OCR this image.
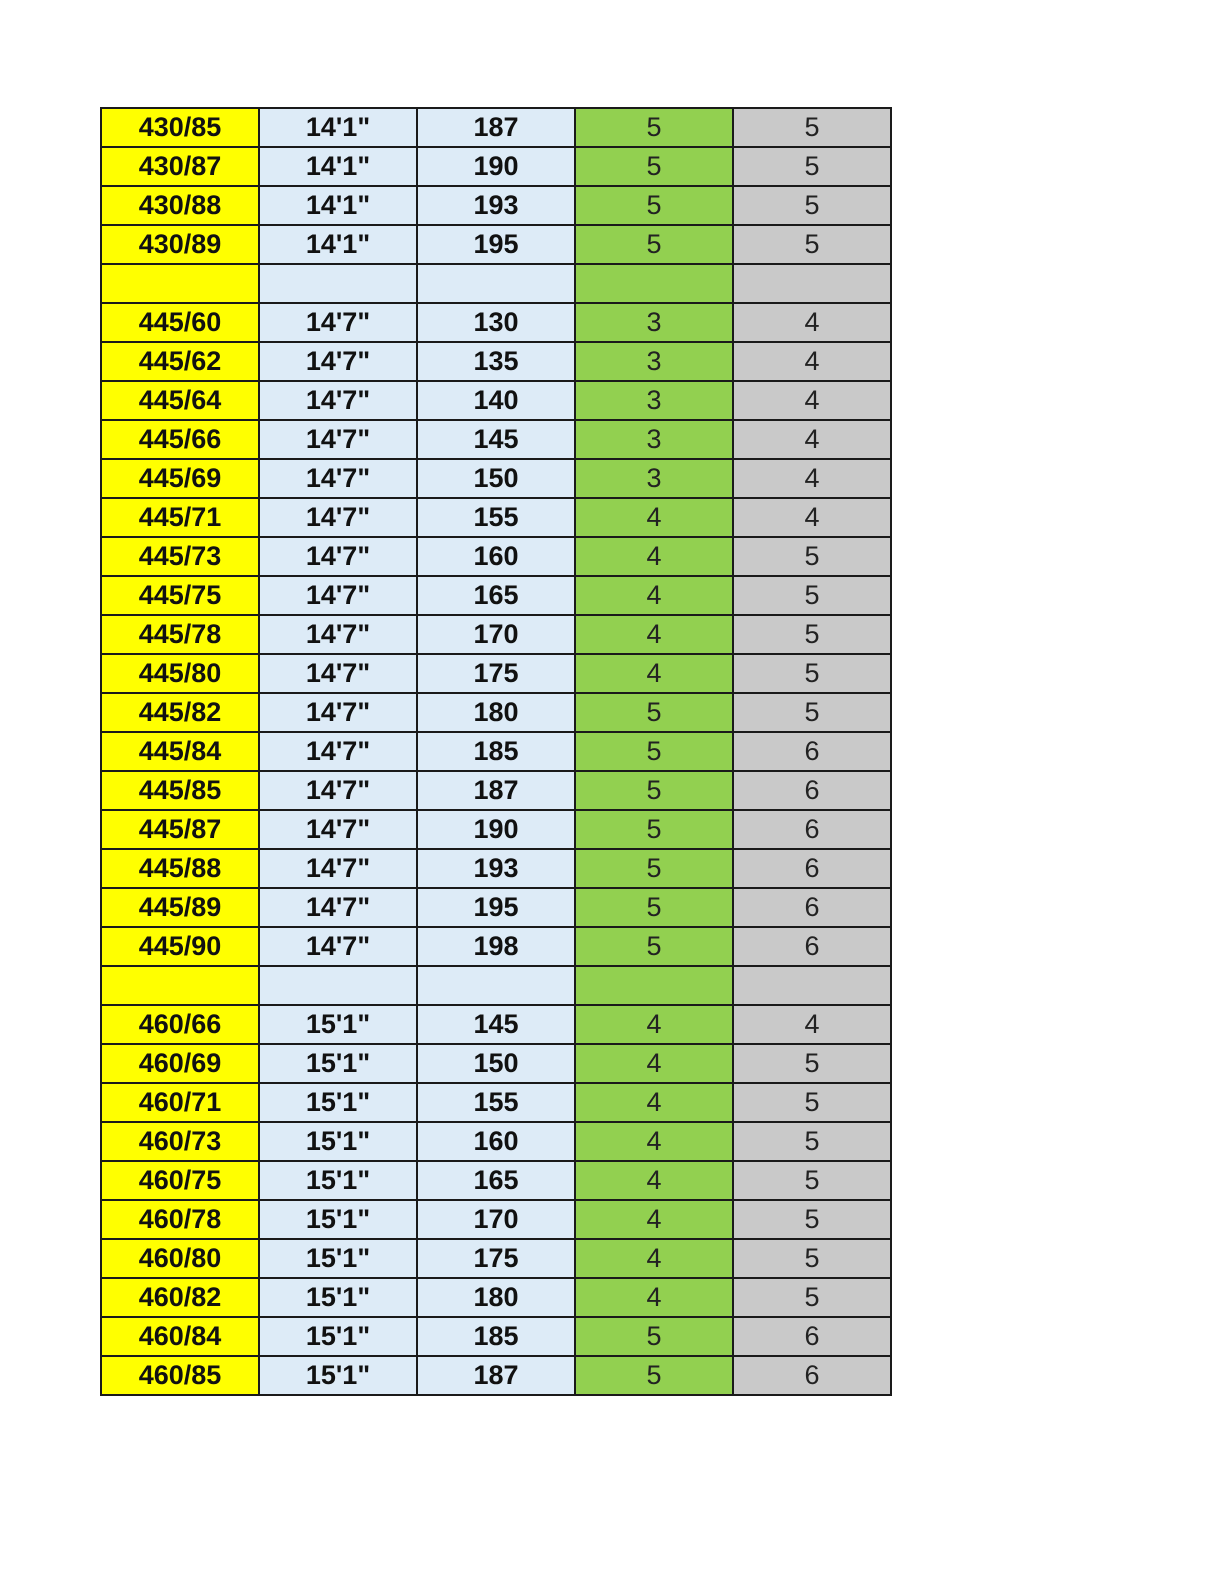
430/85	14'1"	187	5	5
430/87	14'1"	190	5	5
430/88	14'1"	193	5	5
430/89	14'1"	195	5	5

445/60	14'7"	130	3	4
445/62	14'7"	135	3	4
445/64	14'7"	140	3	4
445/66	14'7"	145	3	4
445/69	14'7"	150	3	4
445/71	14'7"	155	4	4
445/73	14'7"	160	4	5
445/75	14'7"	165	4	5
445/78	14'7"	170	4	5
445/80	14'7"	175	4	5
445/82	14'7"	180	5	5
445/84	14'7"	185	5	6
445/85	14'7"	187	5	6
445/87	14'7"	190	5	6
445/88	14'7"	193	5	6
445/89	14'7"	195	5	6
445/90	14'7"	198	5	6

460/66	15'1"	145	4	4
460/69	15'1"	150	4	5
460/71	15'1"	155	4	5
460/73	15'1"	160	4	5
460/75	15'1"	165	4	5
460/78	15'1"	170	4	5
460/80	15'1"	175	4	5
460/82	15'1"	180	4	5
460/84	15'1"	185	5	6
460/85	15'1"	187	5	6
